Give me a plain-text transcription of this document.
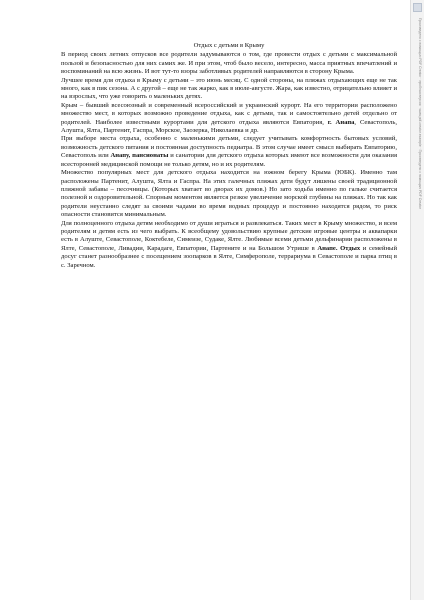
Отдых с детьми в Крыму

В период своих летних отпусков все родители задумываются о том, где провести отдых с детьми с максимальной пользой и безопасностью для них самих же. И при этом, чтоб было весело, интересно, масса приятных впечатлений и воспоминаний на всю жизнь. И вот тут-то взоры заботливых родителей направляются в сторону Крыма.

Лучшее время для отдыха в Крыму с детьми – это июнь месяц. С одной стороны, на пляжах отдыхающих еще не так много, как в пик сезона. А с другой – еще не так жарко, как в июле-августе. Жара, как известно, отрицательно влияет и на взрослых, что уже говорить о маленьких детях.

Крым – бывший всесоюзный и современный всероссийский и украинский курорт. На его территории расположено множество мест, в которых возможно проведение отдыха, как с детьми, так и самостоятельно детей отдельно от родителей. Наиболее известными курортами для детского отдыха являются Евпатория, г. Анапа, Севастополь, Алушта, Ялта, Партенит, Гаспра, Морское, Заозерка, Николаевка и др.

При выборе места отдыха, особенно с маленькими детьми, следует учитывать комфортность бытовых условий, возможность детского питания и постоянная доступность педиатра. В этом случае имеет смысл выбирать Евпаторию, Севастополь или Анапу, пансионаты и санатории для детского отдыха которых имеют все возможности для оказания всесторонней медицинской помощи не только детям, но и их родителям.

Множество популярных мест для детского отдыха находится на южном берегу Крыма (ЮБК). Именно там расположены Партенит, Алушта, Ялта и Гаспра. На этих галечных пляжах дети будут лишены своей традиционной пляжной забавы – песочницы. (Которых хватает во дворах их домов.) Но зато ходьба именно по гальке считается полезной и оздоровительной. Спорным моментом является резкое увеличение морской глубины на пляжах. Но так как родители неустанно следят за своими чадами во время водных процедур и постоянно находятся рядом, то риск опасности становится минимальным.

Для полноценного отдыха детям необходимо от души играться и развлекаться. Таких мест в Крыму множество, и всем родителям и детям есть из чего выбрать. К всеобщему удовольствию крупные детские игровые центры и аквапарки есть в Алуште, Севастополе, Коктебеле, Симеизе, Судаке, Ялте. Любимые всеми детьми дельфинарии расположены в Ялте, Севастополе, Ливадии, Карадаге, Евпатории, Партените и на Большом Утрише в Анапе. Отдых и семейный досуг станет разнообразнее с посещением зоопарков в Ялте, Симферополе, террариума в Севастополе и парка птиц в с. Заречном.

Произведено с помощью PDF Creator · пробная версия · www.pdf-creator.example · Произведено с помощью PDF Creator
